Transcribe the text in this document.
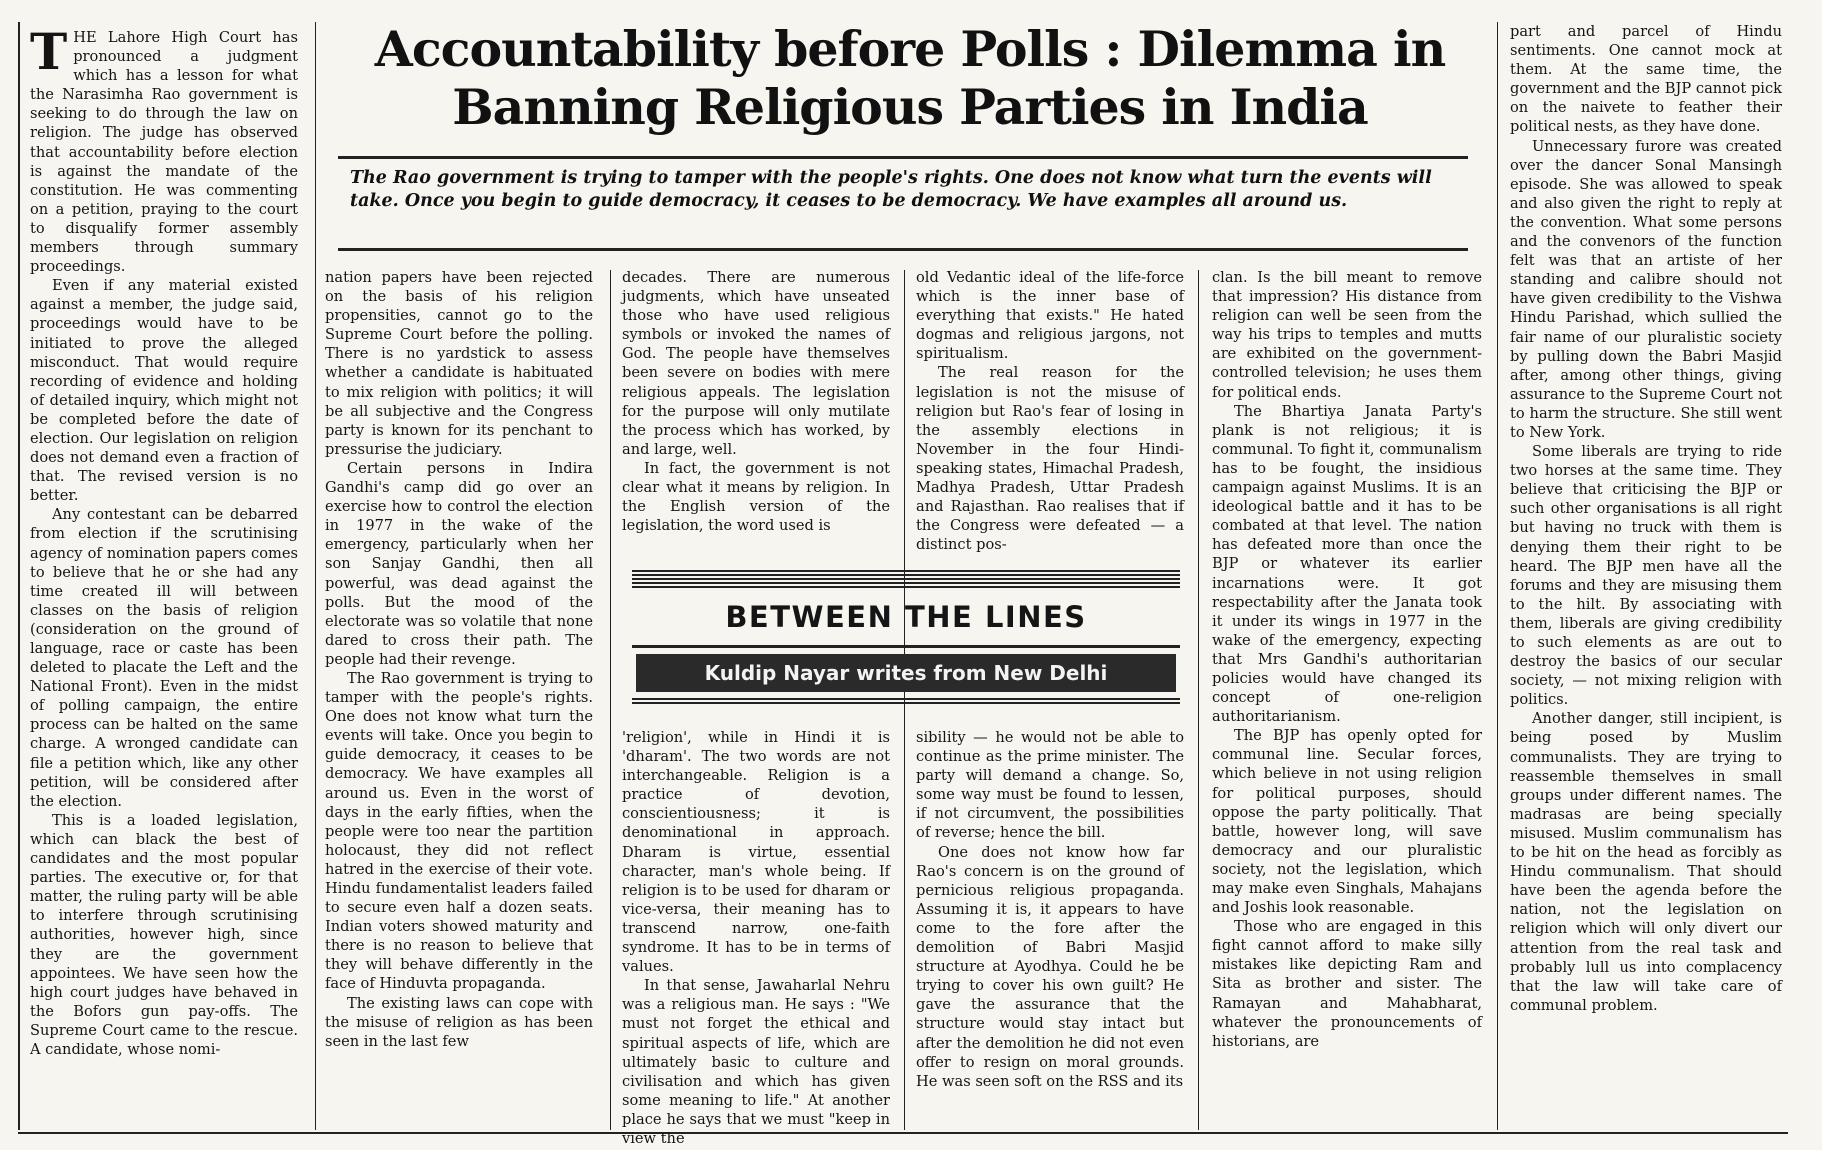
Accountability before Polls : Dilemma in
Banning Religious Parties in India
The Rao government is trying to tamper with the people's rights. One does not know what turn the events will take. Once you begin to guide democracy, it ceases to be democracy. We have examples all around us.

THE Lahore High Court has pronounced a judgment which has a lesson for what the Narasimha Rao government is seeking to do through the law on religion. The judge has observed that accountability before election is against the mandate of the constitution. He was commenting on a petition, praying to the court to disqualify former assembly members through summary proceedings.

Even if any material existed against a member, the judge said, proceedings would have to be initiated to prove the alleged misconduct. That would require recording of evidence and holding of detailed inquiry, which might not be completed before the date of election. Our legislation on religion does not demand even a fraction of that. The revised version is no better.

Any contestant can be debarred from election if the scrutinising agency of nomination papers comes to believe that he or she had any time created ill will between classes on the basis of religion (consideration on the ground of language, race or caste has been deleted to placate the Left and the National Front). Even in the midst of polling campaign, the entire process can be halted on the same charge. A wronged candidate can file a petition which, like any other petition, will be considered after the election.

This is a loaded legislation, which can black the best of candidates and the most popular parties. The executive or, for that matter, the ruling party will be able to interfere through scrutinising authorities, however high, since they are the government appointees. We have seen how the high court judges have behaved in the Bofors gun pay-offs. The Supreme Court came to the rescue. A candidate, whose nomi-

nation papers have been rejected on the basis of his religion propensities, cannot go to the Supreme Court before the polling. There is no yardstick to assess whether a candidate is habituated to mix religion with politics; it will be all subjective and the Congress party is known for its penchant to pressurise the judiciary.

Certain persons in Indira Gandhi's camp did go over an exercise how to control the election in 1977 in the wake of the emergency, particularly when her son Sanjay Gandhi, then all powerful, was dead against the polls. But the mood of the electorate was so volatile that none dared to cross their path. The people had their revenge.

The Rao government is trying to tamper with the people's rights. One does not know what turn the events will take. Once you begin to guide democracy, it ceases to be democracy. We have examples all around us. Even in the worst of days in the early fifties, when the people were too near the partition holocaust, they did not reflect hatred in the exercise of their vote. Hindu fundamentalist leaders failed to secure even half a dozen seats. Indian voters showed maturity and there is no reason to believe that they will behave differently in the face of Hinduvta propaganda.

The existing laws can cope with the misuse of religion as has been seen in the last few

decades. There are numerous judgments, which have unseated those who have used religious symbols or invoked the names of God. The people have themselves been severe on bodies with mere religious appeals. The legislation for the purpose will only mutilate the process which has worked, by and large, well.

In fact, the government is not clear what it means by religion. In the English version of the legislation, the word used is

old Vedantic ideal of the life-force which is the inner base of everything that exists." He hated dogmas and religious jargons, not spiritualism.

The real reason for the legislation is not the misuse of religion but Rao's fear of losing in the assembly elections in November in the four Hindi-speaking states, Himachal Pradesh, Madhya Pradesh, Uttar Pradesh and Rajasthan. Rao realises that if the Congress were defeated — a distinct pos-

BETWEEN THE LINES
Kuldip Nayar writes from New Delhi

'religion', while in Hindi it is 'dharam'. The two words are not interchangeable. Religion is a practice of devotion, conscientiousness; it is denominational in approach. Dharam is virtue, essential character, man's whole being. If religion is to be used for dharam or vice-versa, their meaning has to transcend narrow, one-faith syndrome. It has to be in terms of values.

In that sense, Jawaharlal Nehru was a religious man. He says : "We must not forget the ethical and spiritual aspects of life, which are ultimately basic to culture and civilisation and which has given some meaning to life." At another place he says that we must "keep in view the

sibility — he would not be able to continue as the prime minister. The party will demand a change. So, some way must be found to lessen, if not circumvent, the possibilities of reverse; hence the bill.

One does not know how far Rao's concern is on the ground of pernicious religious propaganda. Assuming it is, it appears to have come to the fore after the demolition of Babri Masjid structure at Ayodhya. Could he be trying to cover his own guilt? He gave the assurance that the structure would stay intact but after the demolition he did not even offer to resign on moral grounds. He was seen soft on the RSS and its

clan. Is the bill meant to remove that impression? His distance from religion can well be seen from the way his trips to temples and mutts are exhibited on the government-controlled television; he uses them for political ends.

The Bhartiya Janata Party's plank is not religious; it is communal. To fight it, communalism has to be fought, the insidious campaign against Muslims. It is an ideological battle and it has to be combated at that level. The nation has defeated more than once the BJP or whatever its earlier incarnations were. It got respectability after the Janata took it under its wings in 1977 in the wake of the emergency, expecting that Mrs Gandhi's authoritarian policies would have changed its concept of one-religion authoritarianism.

The BJP has openly opted for communal line. Secular forces, which believe in not using religion for political purposes, should oppose the party politically. That battle, however long, will save democracy and our pluralistic society, not the legislation, which may make even Singhals, Mahajans and Joshis look reasonable.

Those who are engaged in this fight cannot afford to make silly mistakes like depicting Ram and Sita as brother and sister. The Ramayan and Mahabharat, whatever the pronouncements of historians, are

part and parcel of Hindu sentiments. One cannot mock at them. At the same time, the government and the BJP cannot pick on the naivete to feather their political nests, as they have done.

Unnecessary furore was created over the dancer Sonal Mansingh episode. She was allowed to speak and also given the right to reply at the convention. What some persons and the convenors of the function felt was that an artiste of her standing and calibre should not have given credibility to the Vishwa Hindu Parishad, which sullied the fair name of our pluralistic society by pulling down the Babri Masjid after, among other things, giving assurance to the Supreme Court not to harm the structure. She still went to New York.

Some liberals are trying to ride two horses at the same time. They believe that criticising the BJP or such other organisations is all right but having no truck with them is denying them their right to be heard. The BJP men have all the forums and they are misusing them to the hilt. By associating with them, liberals are giving credibility to such elements as are out to destroy the basics of our secular society, — not mixing religion with politics.

Another danger, still incipient, is being posed by Muslim communalists. They are trying to reassemble themselves in small groups under different names. The madrasas are being specially misused. Muslim communalism has to be hit on the head as forcibly as Hindu communalism. That should have been the agenda before the nation, not the legislation on religion which will only divert our attention from the real task and probably lull us into complacency that the law will take care of communal problem.
